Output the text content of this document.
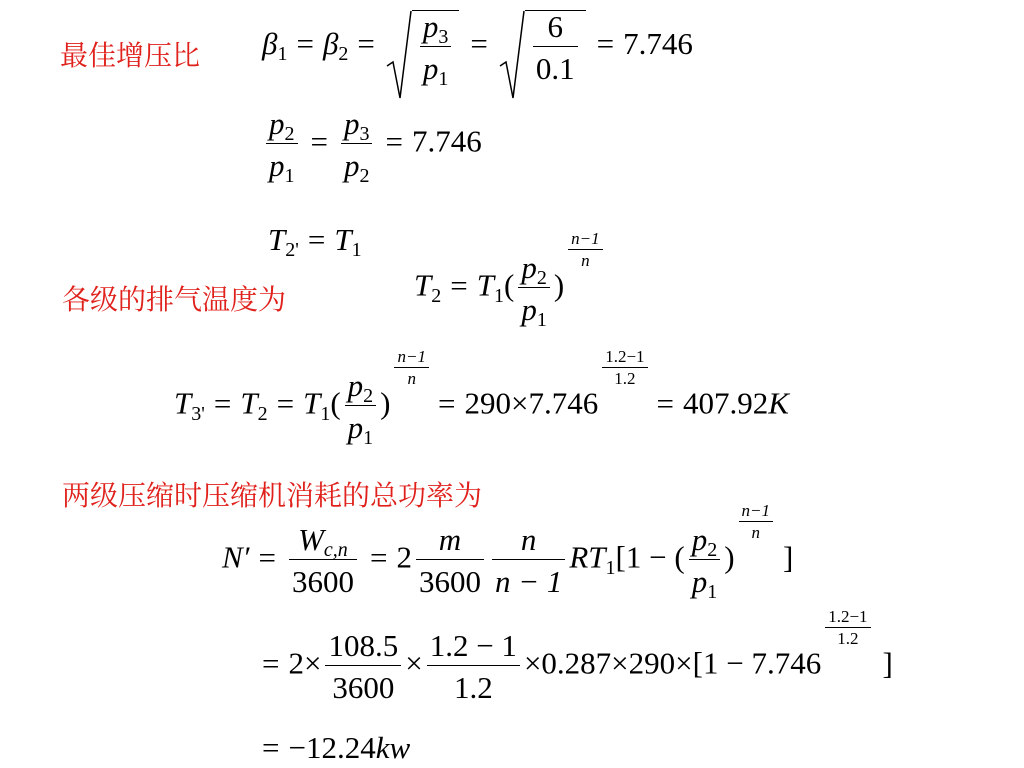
最佳增压比
各级的排气温度为
两级压缩时压缩机消耗的总功率为
$\beta 1 = \beta 2 = \frac{p3}{p1} = \frac{6}{0.1} = 7.746$
$\frac{p2}{p1} = \frac{p3}{p2} = 7.746$
T2' = T1
$T2 = T1( \frac{p2}{p1}$ )
$\frac{n-1}{n}$
$T3' = T2 = T1( \frac{p2}{p1}$ )
$\frac{n-1}{n}$
= 290×7.746
$\frac{1.2-1}{1.2}$
= 407.92K
$N' = \frac{Wc,n}{3600} = 2 \frac{m}{3600} \frac{n}{n - 1} RT1[1$ − ( $\frac{p2}{p1}$ )
$\frac{n-1}{n}$
]
= $2\times \frac{108.5}{3600} \times \frac{1.2 - 1}{1.2} \times 0.287\times 290\times[1 - 7.746$
$\frac{1.2-1}{1.2}$
]
= −12.24kw
